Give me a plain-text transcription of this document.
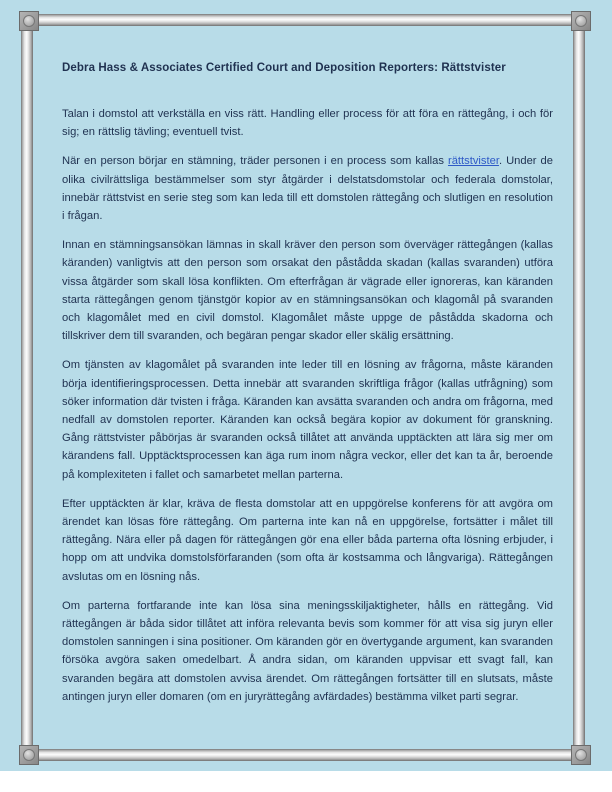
Debra Hass & Associates Certified Court and Deposition Reporters: Rättstvister

Talan i domstol att verkställa en viss rätt. Handling eller process för att föra en rättegång, i och för sig; en rättslig tävling; eventuell tvist.

När en person börjar en stämning, träder personen i en process som kallas rättstvister. Under de olika civilrättsliga bestämmelser som styr åtgärder i delstatsdomstolar och federala domstolar, innebär rättstvist en serie steg som kan leda till ett domstolen rättegång och slutligen en resolution i frågan.

Innan en stämningsansökan lämnas in skall kräver den person som överväger rättegången (kallas käranden) vanligtvis att den person som orsakat den påstådda skadan (kallas svaranden) utföra vissa åtgärder som skall lösa konflikten. Om efterfrågan är vägrade eller ignoreras, kan käranden starta rättegången genom tjänstgör kopior av en stämningsansökan och klagomål på svaranden och klagomålet med en civil domstol. Klagomålet måste uppge de påstådda skadorna och tillskriver dem till svaranden, och begäran pengar skador eller skälig ersättning.

Om tjänsten av klagomålet på svaranden inte leder till en lösning av frågorna, måste käranden börja identifieringsprocessen. Detta innebär att svaranden skriftliga frågor (kallas utfrågning) som söker information där tvisten i fråga. Käranden kan avsätta svaranden och andra om frågorna, med nedfall av domstolen reporter. Käranden kan också begära kopior av dokument för granskning. Gång rättstvister påbörjas är svaranden också tillåtet att använda upptäckten att lära sig mer om kärandens fall. Upptäcktsprocessen kan äga rum inom några veckor, eller det kan ta år, beroende på komplexiteten i fallet och samarbetet mellan parterna.

Efter upptäckten är klar, kräva de flesta domstolar att en uppgörelse konferens för att avgöra om ärendet kan lösas före rättegång. Om parterna inte kan nå en uppgörelse, fortsätter i målet till rättegång. Nära eller på dagen för rättegången gör ena eller båda parterna ofta lösning erbjuder, i hopp om att undvika domstolsförfaranden (som ofta är kostsamma och långvariga). Rättegången avslutas om en lösning nås.

Om parterna fortfarande inte kan lösa sina meningsskiljaktigheter, hålls en rättegång. Vid rättegången är båda sidor tillåtet att införa relevanta bevis som kommer för att visa sig juryn eller domstolen sanningen i sina positioner. Om käranden gör en övertygande argument, kan svaranden försöka avgöra saken omedelbart. Å andra sidan, om käranden uppvisar ett svagt fall, kan svaranden begära att domstolen avvisa ärendet. Om rättegången fortsätter till en slutsats, måste antingen juryn eller domaren (om en juryrättegång avfärdades) bestämma vilket parti segrar.
